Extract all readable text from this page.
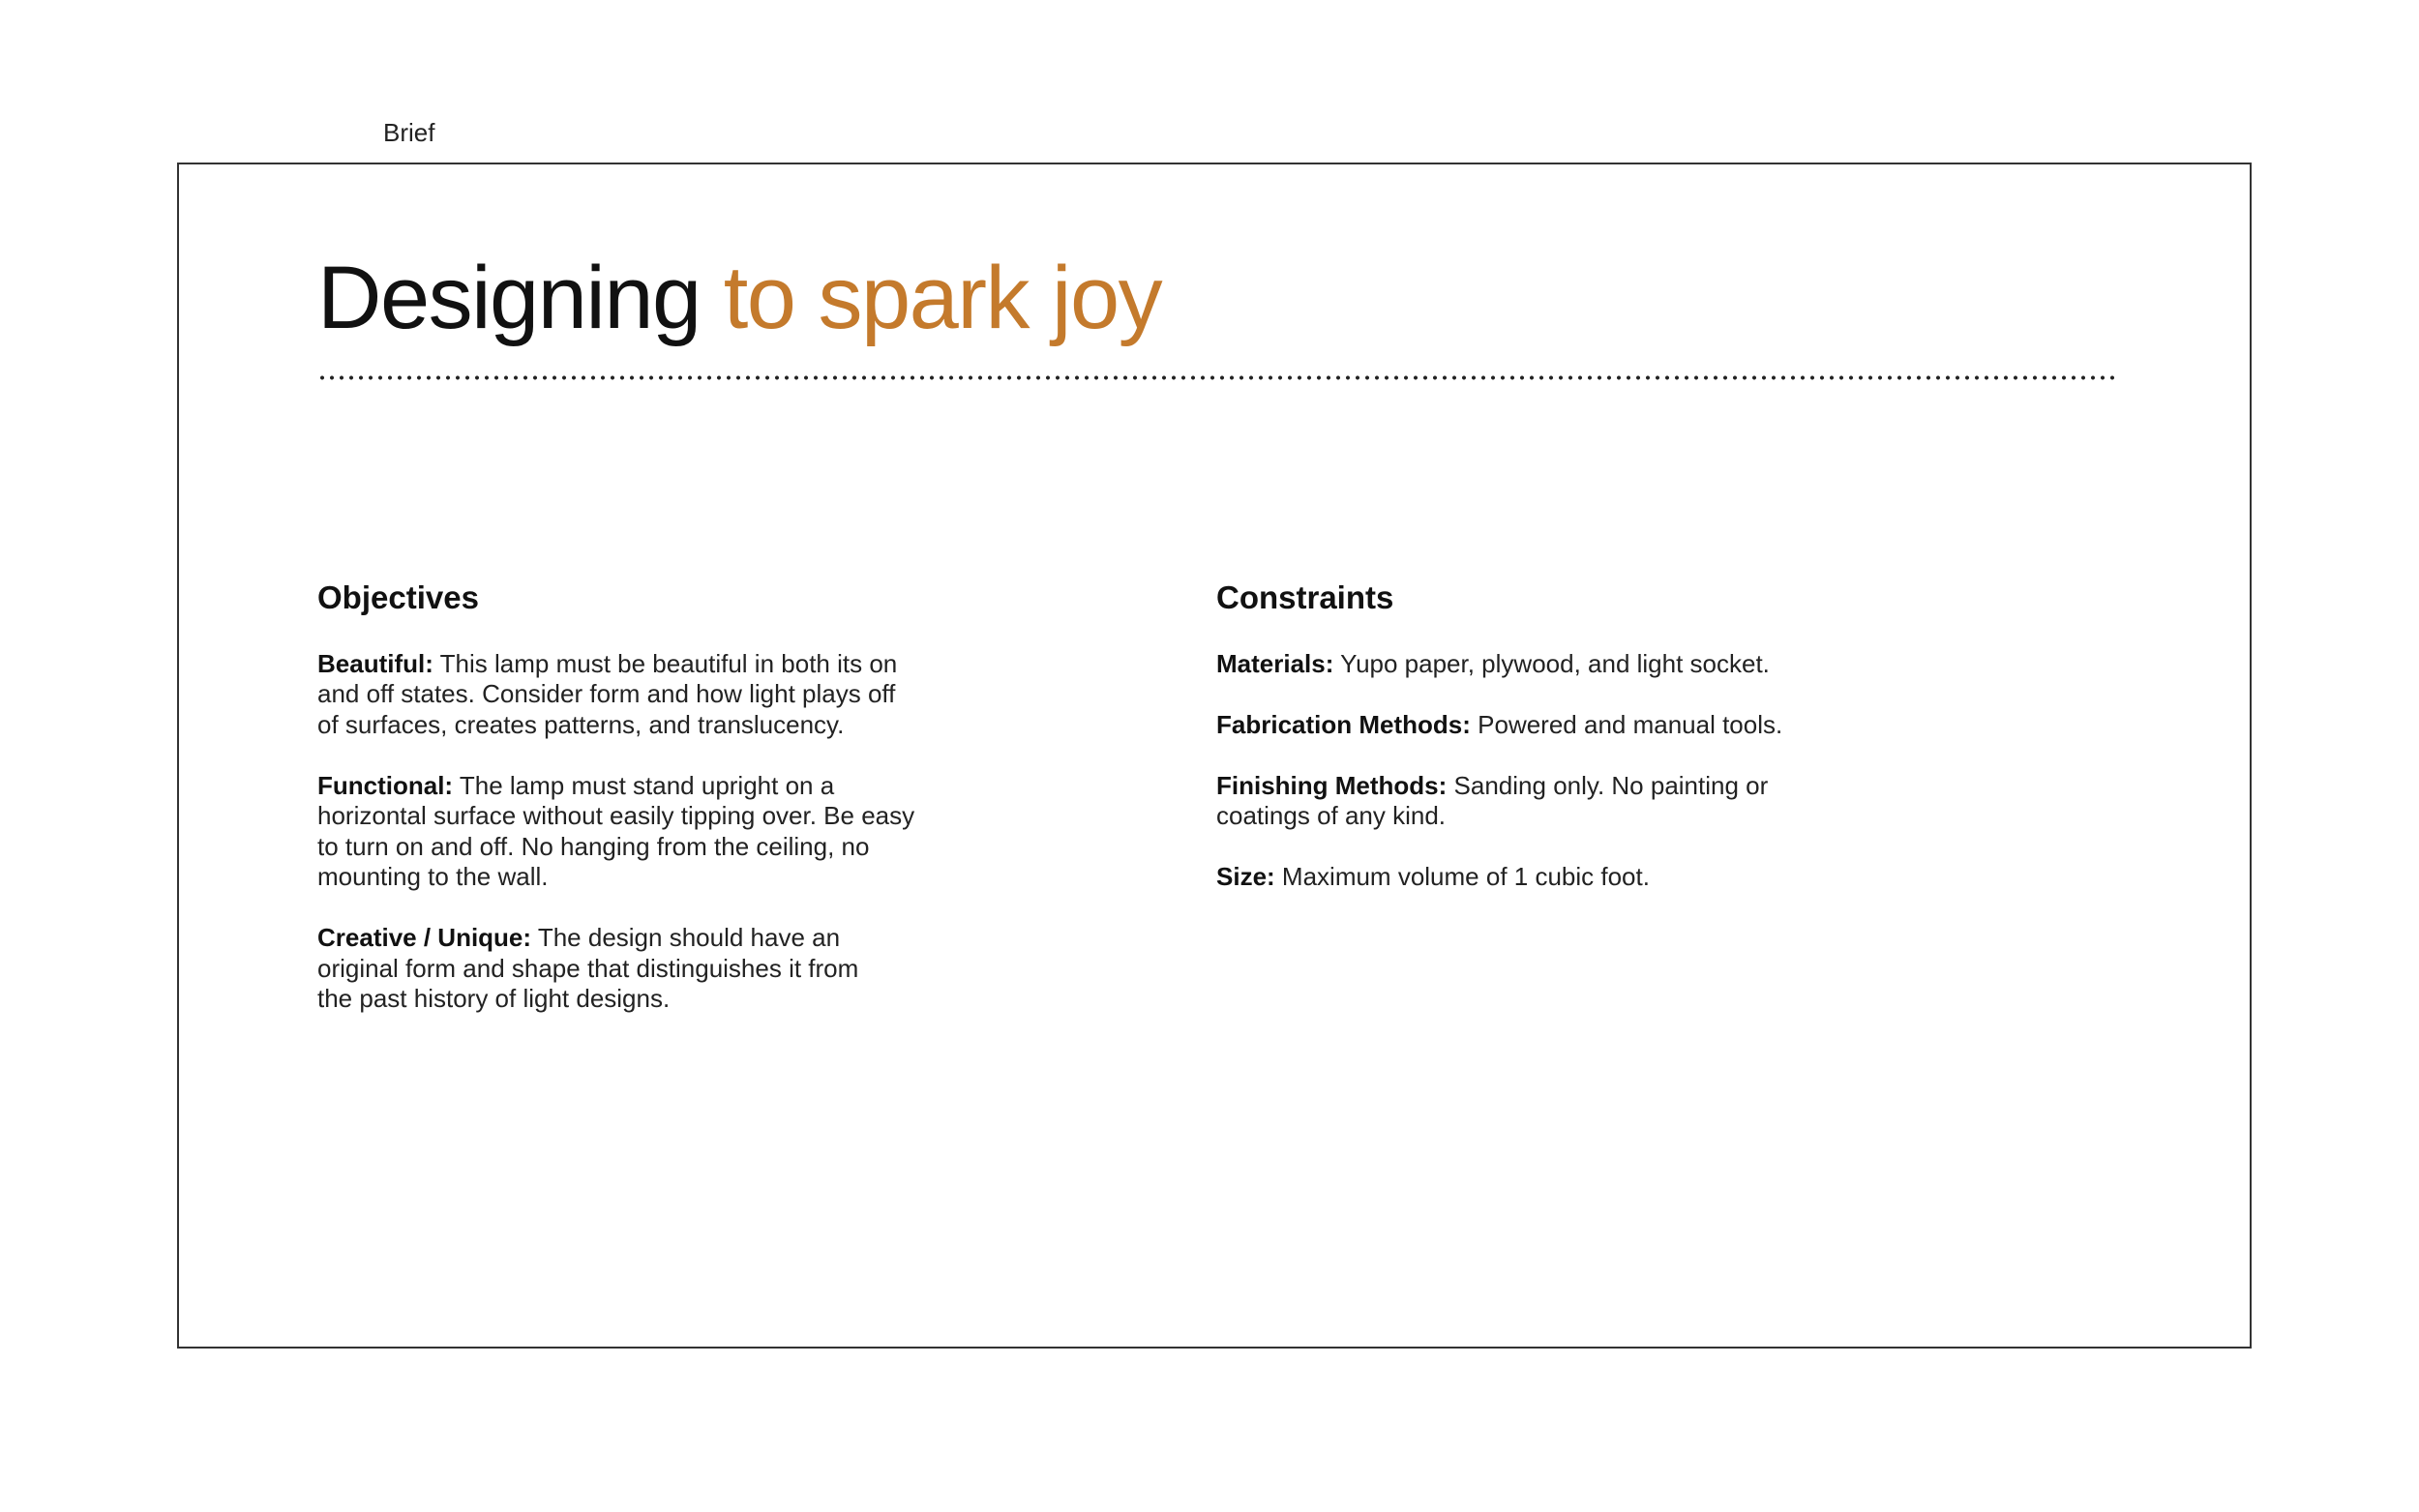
Brief
Designing to spark joy
Objectives

Beautiful: This lamp must be beautiful in both its on and off states. Consider form and how light plays off of surfaces, creates patterns, and translucency.

Functional: The lamp must stand upright on a horizontal surface without easily tipping over. Be easy to turn on and off. No hanging from the ceiling, no mounting to the wall.

Creative / Unique: The design should have an original form and shape that distinguishes it from the past history of light designs.

Constraints

Materials: Yupo paper, plywood, and light socket.

Fabrication Methods: Powered and manual tools.

Finishing Methods: Sanding only. No painting or coatings of any kind.

Size: Maximum volume of 1 cubic foot.
